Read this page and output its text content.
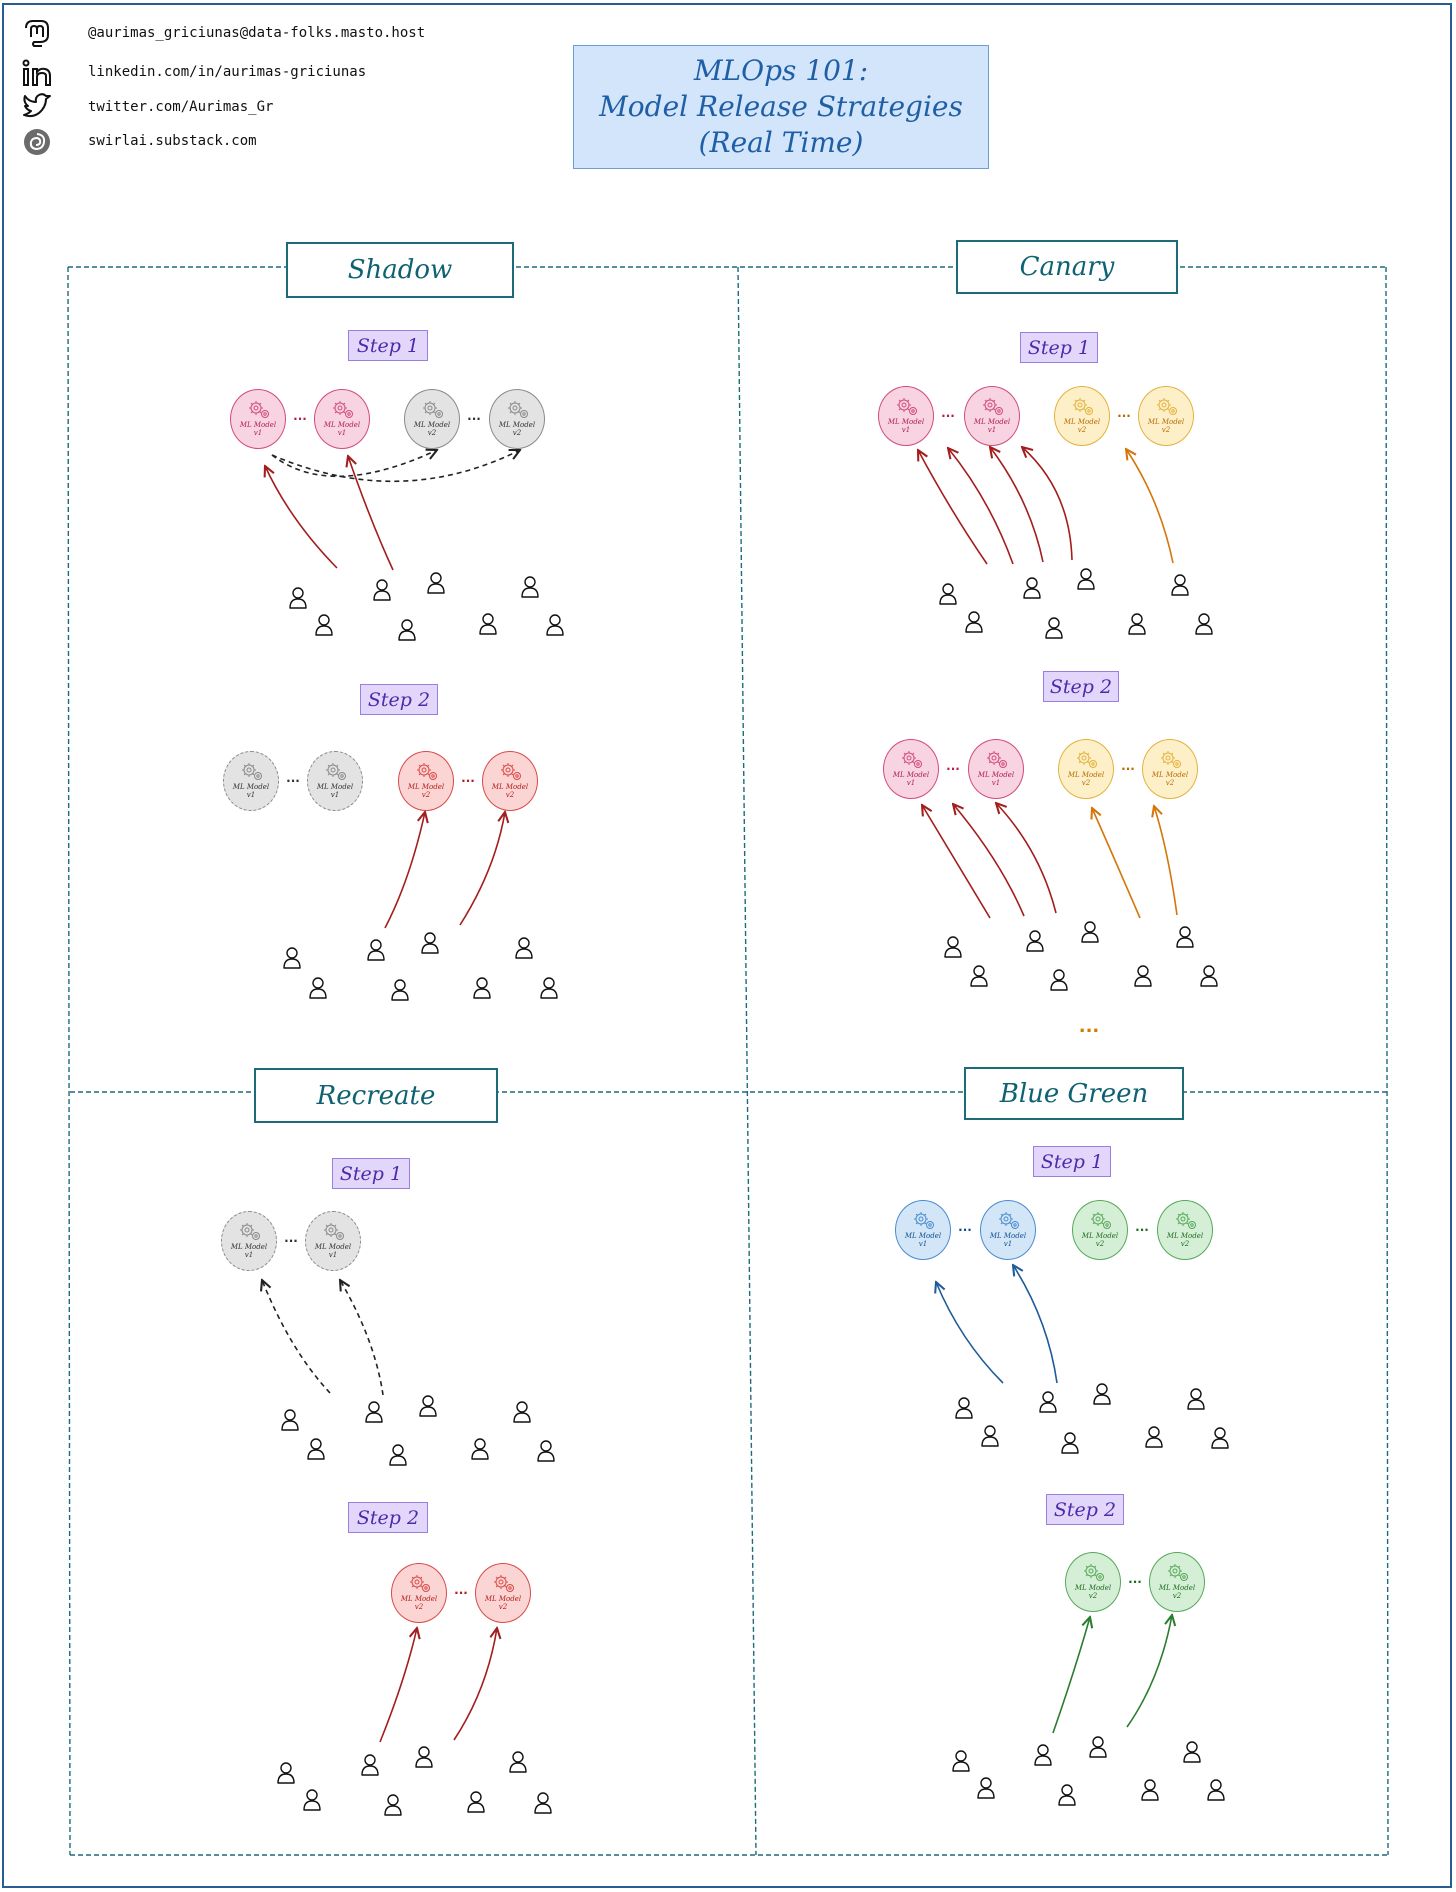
@aurimas_griciunas@data-folks.masto.host
linkedin.com/in/aurimas-griciunas
twitter.com/Aurimas_Gr
swirlai.substack.com
MLOps 101:
Model Release Strategies
(Real Time)
Shadow	Canary
Recreate	Blue Green
Step 1
Step 2
Step 1
Step 2
Step 1
Step 2
Step 1
Step 2
ML Model
v1
ML Model
v1
ML Model
v2
ML Model
v2
...	...
ML Model
v1
ML Model
v1
ML Model
v2
ML Model
v2
...	...
ML Model
v1
ML Model
v1
ML Model
v2
ML Model
v2
...	...
ML Model
v1
ML Model
v1
ML Model
v2
ML Model
v2
...	...
ML Model
v1
ML Model
v1
...
ML Model
v2
ML Model
v2
...
ML Model
v1
ML Model
v1
ML Model
v2
ML Model
v2
...	...
ML Model
v2
ML Model
v2
...
...
